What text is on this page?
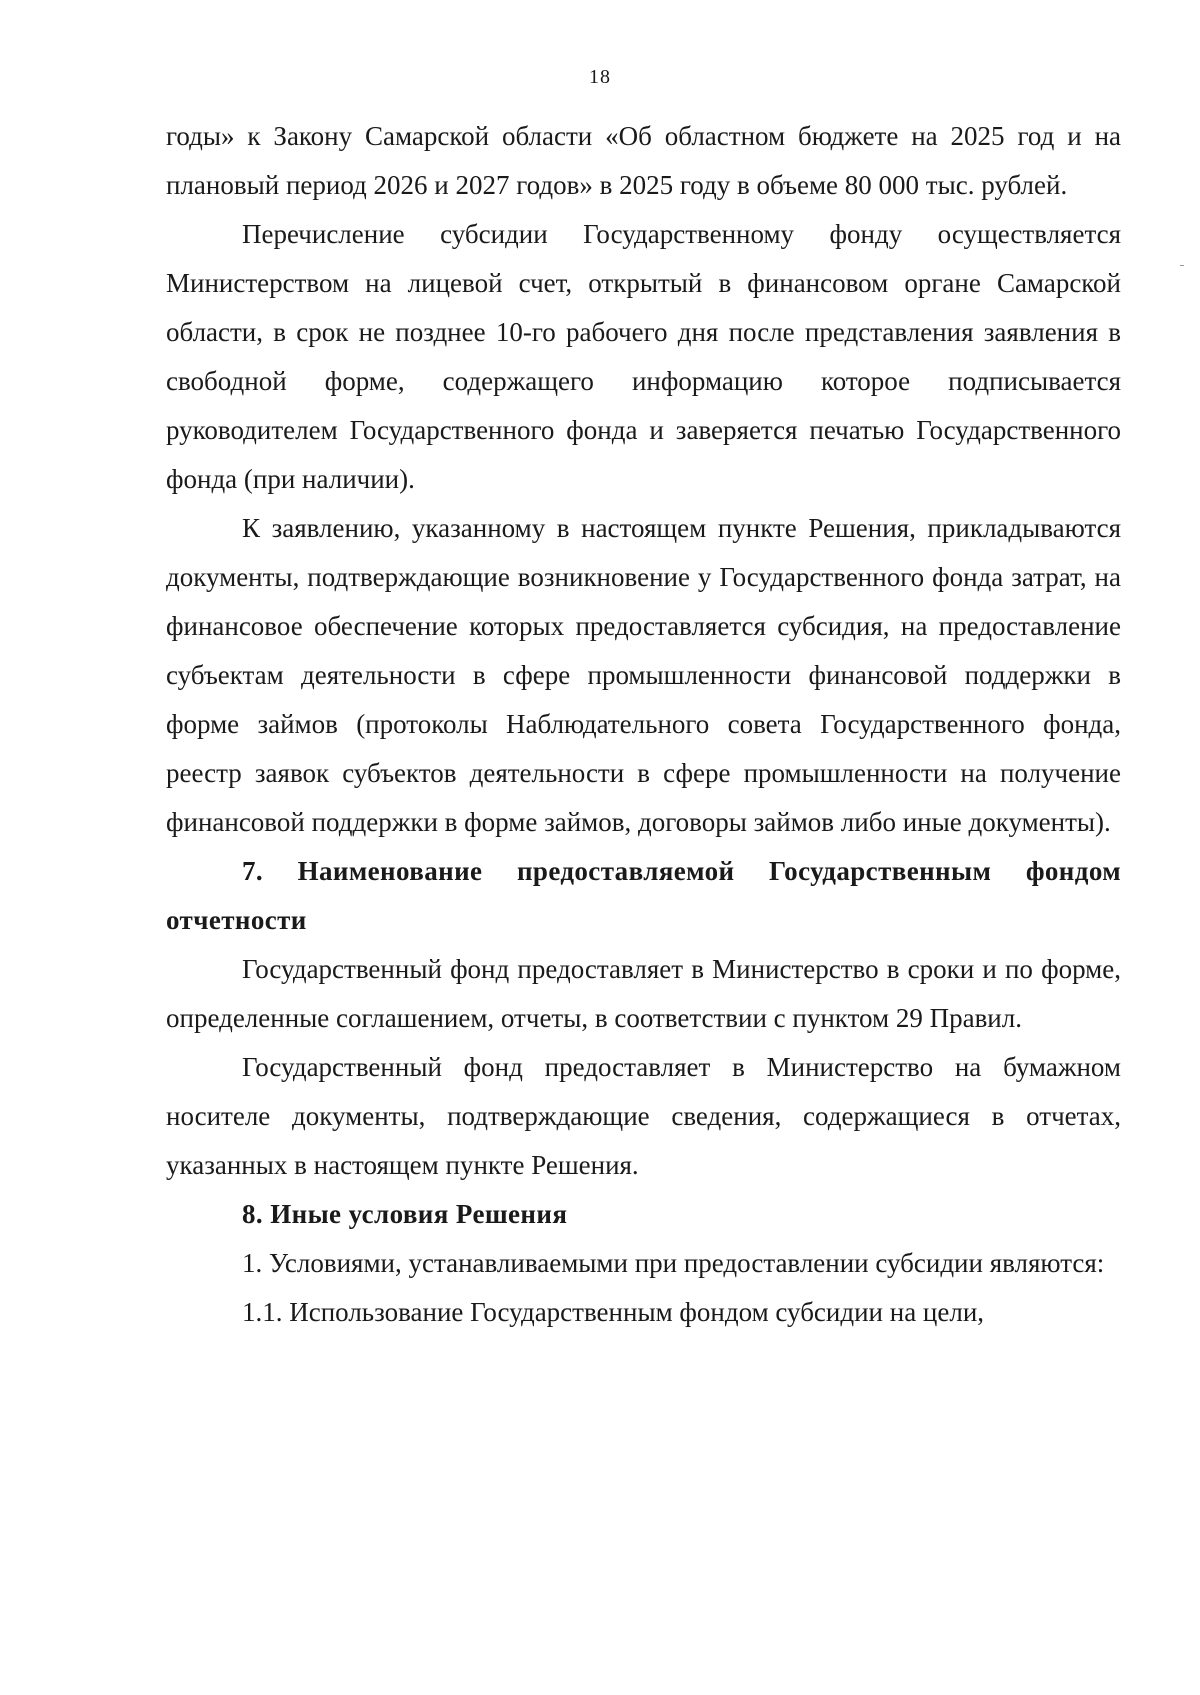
18

годы» к Закону Самарской области «Об областном бюджете на 2025 год и на плановый период 2026 и 2027 годов» в 2025 году в объеме 80 000 тыс. рублей.

Перечисление субсидии Государственному фонду осуществляется Министерством на лицевой счет, открытый в финансовом органе Самарской области, в срок не позднее 10-го рабочего дня после представления заявления в свободной форме, содержащего информацию которое подписывается руководителем Государственного фонда и заверяется печатью Государственного фонда (при наличии).

К заявлению, указанному в настоящем пункте Решения, прикладываются документы, подтверждающие возникновение у Государственного фонда затрат, на финансовое обеспечение которых предоставляется субсидия, на предоставление субъектам деятельности в сфере промышленности финансовой поддержки в форме займов (протоколы Наблюдательного совета Государственного фонда, реестр заявок субъектов деятельности в сфере промышленности на получение финансовой поддержки в форме займов, договоры займов либо иные документы).

7. Наименование предоставляемой Государственным фондом отчетности

Государственный фонд предоставляет в Министерство в сроки и по форме, определенные соглашением, отчеты, в соответствии с пунктом 29 Правил.

Государственный фонд предоставляет в Министерство на бумажном носителе документы, подтверждающие сведения, содержащиеся в отчетах, указанных в настоящем пункте Решения.

8. Иные условия Решения

1. Условиями, устанавливаемыми при предоставлении субсидии являются:

1.1. Использование Государственным фондом субсидии на цели,
